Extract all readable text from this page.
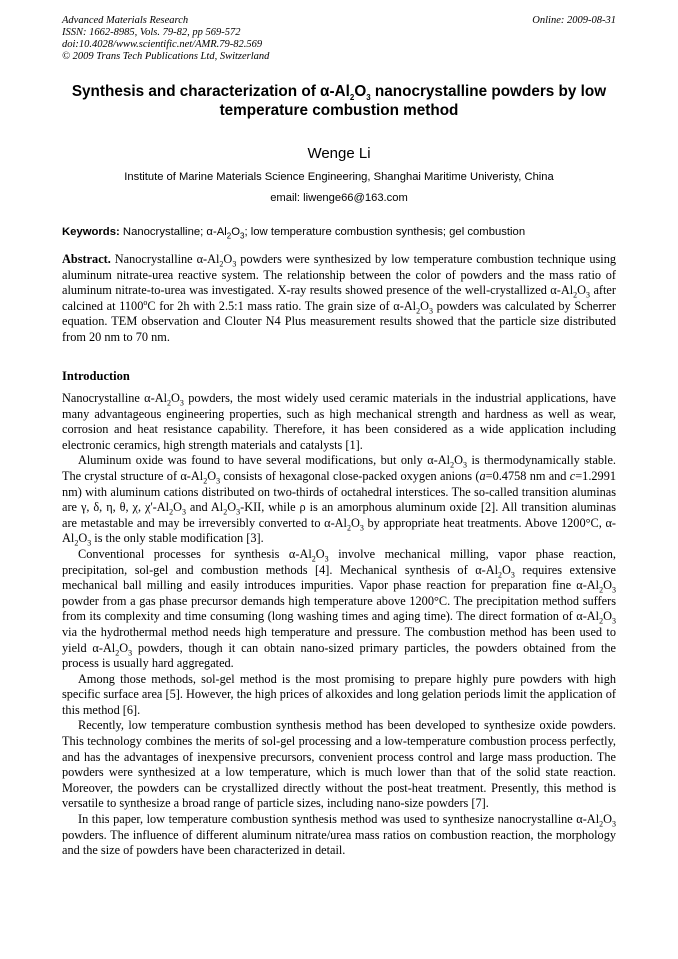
Advanced Materials Research
ISSN: 1662-8985, Vols. 79-82, pp 569-572
doi:10.4028/www.scientific.net/AMR.79-82.569
© 2009 Trans Tech Publications Ltd, Switzerland
Online: 2009-08-31
Synthesis and characterization of $\alpha-Al_2O_3$ nanocrystalline powders by low temperature combustion method
Wenge Li
Institute of Marine Materials Science Engineering, Shanghai Maritime Univeristy, China
email: liwenge66@163.com
Keywords: Nanocrystalline; $\alpha-Al_2O_3$; low temperature combustion synthesis; gel combustion
Abstract. Nanocrystalline $\alpha-Al_2O_3$ powders were synthesized by low temperature combustion technique using aluminum nitrate-urea reactive system. The relationship between the color of powders and the mass ratio of aluminum nitrate-to-urea was investigated. X-ray results showed presence of the well-crystallized $\alpha-Al_2O_3$ after calcined at 1100$^o$C for 2h with 2.5:1 mass ratio. The grain size of $\alpha-Al_2O_3$ powders was calculated by Scherrer equation. TEM observation and Clouter N4 Plus measurement results showed that the particle size distributed from 20 nm to 70 nm.
Introduction

Nanocrystalline $\alpha-Al_2O_3$ powders, the most widely used ceramic materials in the industrial applications, have many advantageous engineering properties, such as high mechanical strength and hardness as well as wear, corrosion and heat resistance capability. Therefore, it has been considered as a wide application including electronic ceramics, high strength materials and catalysts [1].

Aluminum oxide was found to have several modifications, but only $\alpha-Al_2O_3$ is thermodynamically stable. The crystal structure of $\alpha-Al_2O_3$ consists of hexagonal close-packed oxygen anions (a=0.4758 nm and c=1.2991 nm) with aluminum cations distributed on two-thirds of octahedral interstices. The so-called transition aluminas are γ, δ, η, θ, χ, $\chi'-Al_2O_3$ and $Al_2O_3$-KII, while ρ is an amorphous aluminum oxide [2]. All transition aluminas are metastable and may be irreversibly converted to $\alpha-Al_2O_3$ by appropriate heat treatments. Above 1200°C, $\alpha-Al_2O_3$ is the only stable modification [3].

Conventional processes for synthesis $\alpha-Al_2O_3$ involve mechanical milling, vapor phase reaction, precipitation, sol-gel and combustion methods [4]. Mechanical synthesis of $\alpha-Al_2O_3$ requires extensive mechanical ball milling and easily introduces impurities. Vapor phase reaction for preparation fine $\alpha-Al_2O_3$ powder from a gas phase precursor demands high temperature above 1200°C. The precipitation method suffers from its complexity and time consuming (long washing times and aging time). The direct formation of $\alpha-Al_2O_3$ via the hydrothermal method needs high temperature and pressure. The combustion method has been used to yield $\alpha-Al_2O_3$ powders, though it can obtain nano-sized primary particles, the powders obtained from the process is usually hard aggregated.

Among those methods, sol-gel method is the most promising to prepare highly pure powders with high specific surface area [5]. However, the high prices of alkoxides and long gelation periods limit the application of this method [6].

Recently, low temperature combustion synthesis method has been developed to synthesize oxide powders. This technology combines the merits of sol-gel processing and a low-temperature combustion process perfectly, and has the advantages of inexpensive precursors, convenient process control and large mass production. The powders were synthesized at a low temperature, which is much lower than that of the solid state reaction. Moreover, the powders can be crystallized directly without the post-heat treatment. Presently, this method is versatile to synthesize a broad range of particle sizes, including nano-size powders [7].

In this paper, low temperature combustion synthesis method was used to synthesize nanocrystalline $\alpha-Al_2O_3$ powders. The influence of different aluminum nitrate/urea mass ratios on combustion reaction, the morphology and the size of powders have been characterized in detail.
